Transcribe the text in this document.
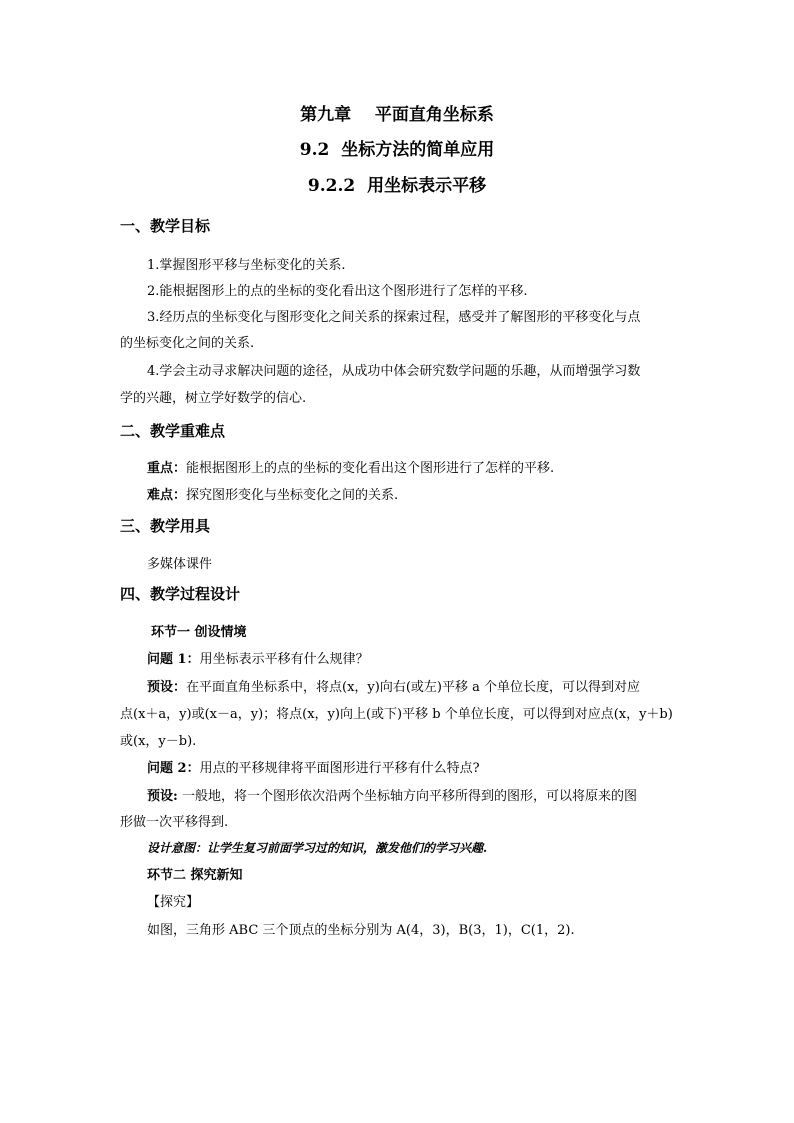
第九章    平面直角坐标系
9.2  坐标方法的简单应用
9.2.2  用坐标表示平移
一、教学目标
1.掌握图形平移与坐标变化的关系.
2.能根据图形上的点的坐标的变化看出这个图形进行了怎样的平移.
3.经历点的坐标变化与图形变化之间关系的探索过程，感受并了解图形的平移变化与点
的坐标变化之间的关系.
4.学会主动寻求解决问题的途径，从成功中体会研究数学问题的乐趣，从而增强学习数
学的兴趣，树立学好数学的信心.
二、教学重难点
重点：能根据图形上的点的坐标的变化看出这个图形进行了怎样的平移.
难点：探究图形变化与坐标变化之间的关系.
三、教学用具
多媒体课件
四、教学过程设计
环节一 创设情境
问题 1：用坐标表示平移有什么规律？
预设：在平面直角坐标系中，将点(x，y)向右(或左)平移 a 个单位长度，可以得到对应
点(x＋a，y)或(x－a，y)；将点(x，y)向上(或下)平移 b 个单位长度，可以得到对应点(x，y＋b)
或(x，y－b).
问题 2：用点的平移规律将平面图形进行平移有什么特点?
预设: 一般地，将一个图形依次沿两个坐标轴方向平移所得到的图形，可以将原来的图
形做一次平移得到.
设计意图：让学生复习前面学习过的知识，激发他们的学习兴趣.
环节二 探究新知
【探究】
如图，三角形 ABC 三个顶点的坐标分别为 A(4，3)，B(3，1)，C(1，2).
